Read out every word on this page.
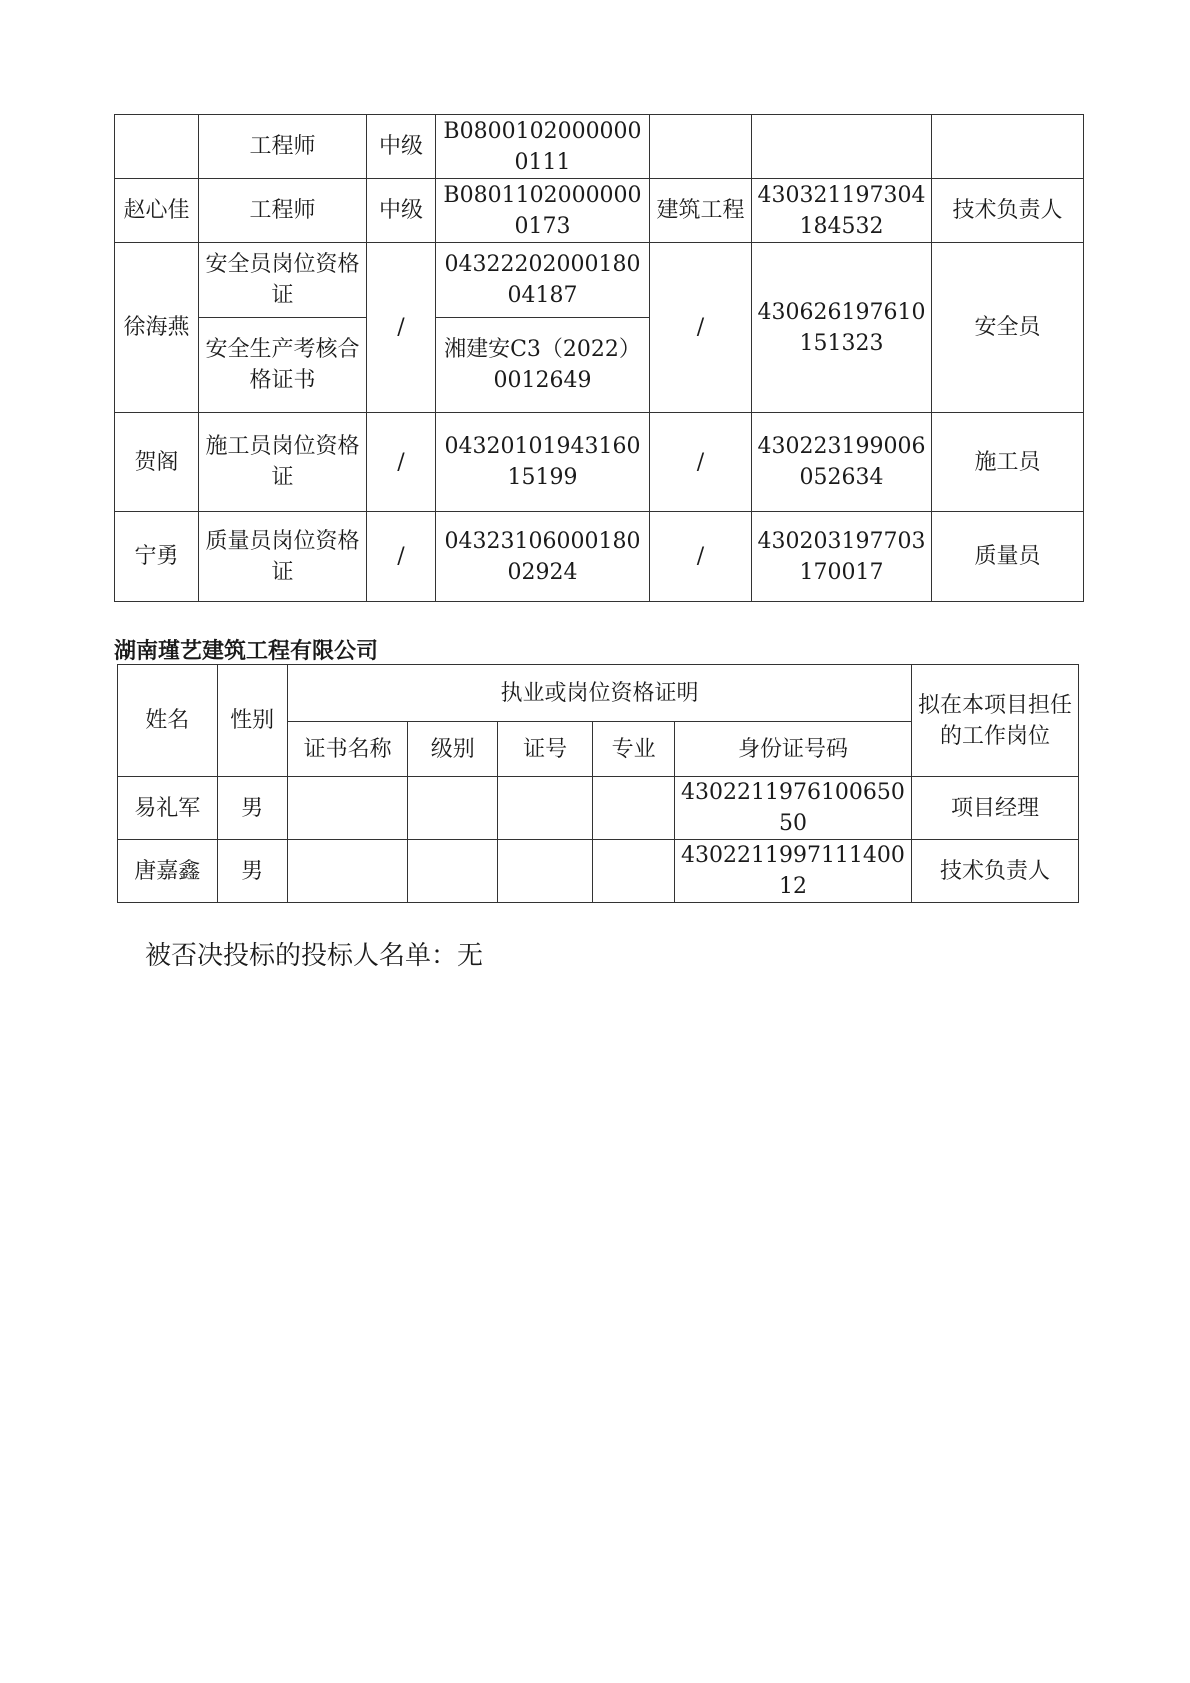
	工程师	中级	B08001020000000111			
赵心佳	工程师	中级	B08011020000000173	建筑工程	430321197304184532	技术负责人
徐海燕	安全员岗位资格证	/	0432220200018004187	/	430626197610151323	安全员
	安全生产考核合格证书		湘建安C3（2022）0012649			
贺阁	施工员岗位资格证	/	0432010194316015199	/	430223199006052634	施工员
宁勇	质量员岗位资格证	/	0432310600018002924	/	430203197703170017	质量员
湖南瑾艺建筑工程有限公司
姓名	性别	执业或岗位资格证明					拟在本项目担任的工作岗位
		证书名称	级别	证号	专业	身份证号码	
易礼军	男					430221197610065050	项目经理
唐嘉鑫	男					430221199711140012	技术负责人
被否决投标的投标人名单：无
